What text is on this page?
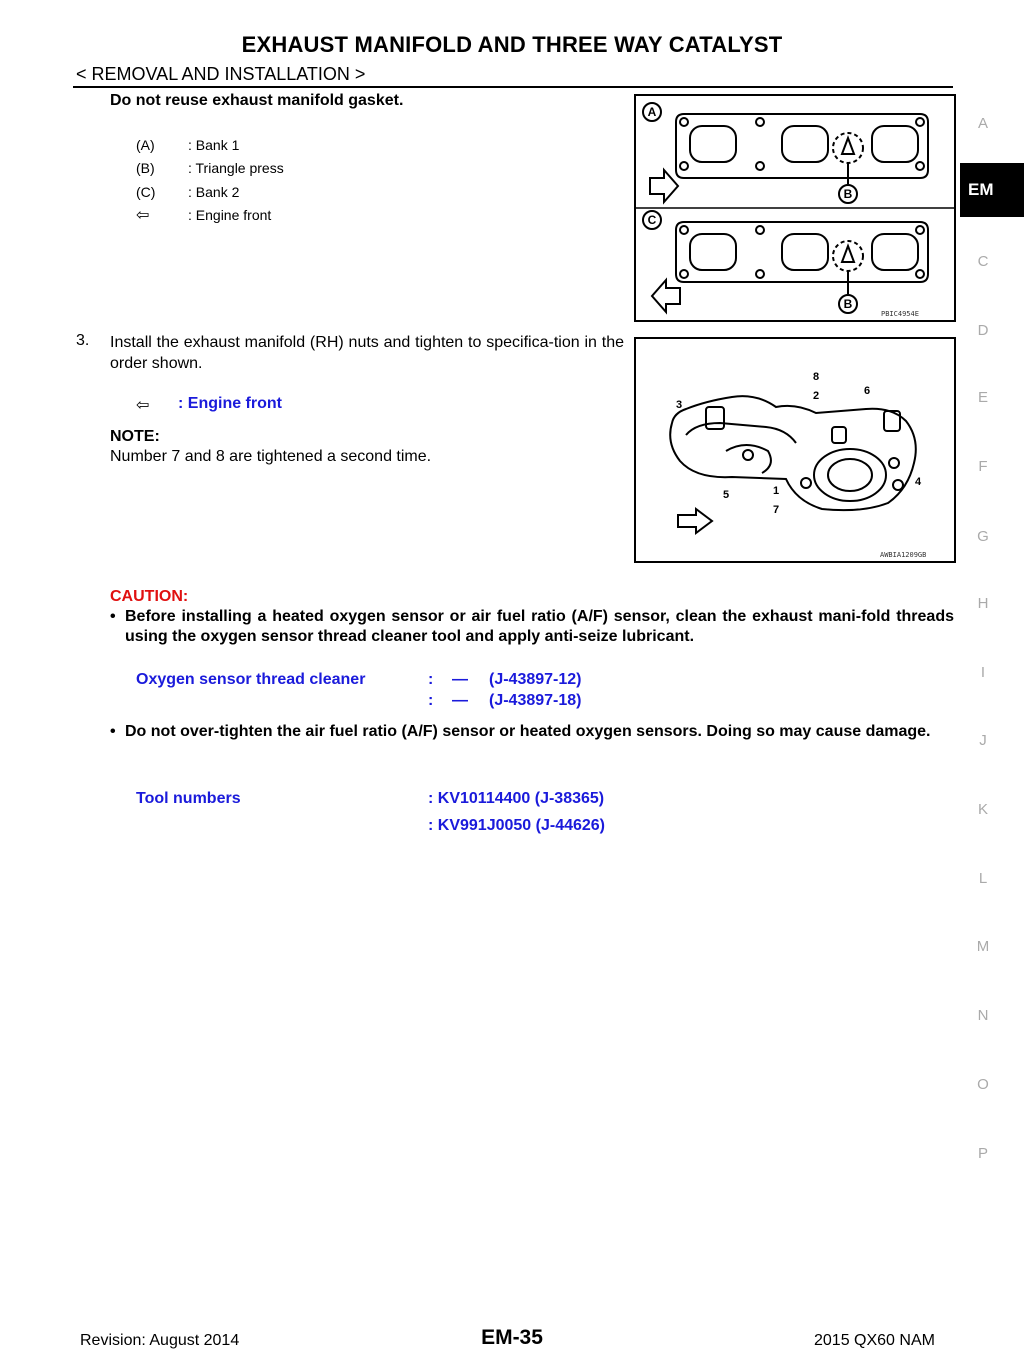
EXHAUST MANIFOLD AND THREE WAY CATALYST
< REMOVAL AND INSTALLATION >
Do not reuse exhaust manifold gasket.
(A)	: Bank 1
(B)	: Triangle press
(C)	: Bank 2
⇦	: Engine front
A
C
B
B
PBIC4954E
3. Install the exhaust manifold (RH) nuts and tighten to specifica-tion in the order shown.
⇦	: Engine front
NOTE:
Number 7 and 8 are tightened a second time.
8
2	6
3
5	1
7
4
AWBIA1209GB
CAUTION:
• Before installing a heated oxygen sensor or air fuel ratio (A/F) sensor, clean the exhaust mani-fold threads using the oxygen sensor thread cleaner tool and apply anti-seize lubricant.
Oxygen sensor thread cleaner	: — (J-43897-12)
: — (J-43897-18)
• Do not over-tighten the air fuel ratio (A/F) sensor or heated oxygen sensors. Doing so may cause damage.
Tool numbers	: KV10114400 (J-38365)
: KV991J0050 (J-44626)
A
EM
C
D
E
F
G
H
I
J
K
L
M
N
O
P
Revision: August 2014	EM-35	2015 QX60 NAM
